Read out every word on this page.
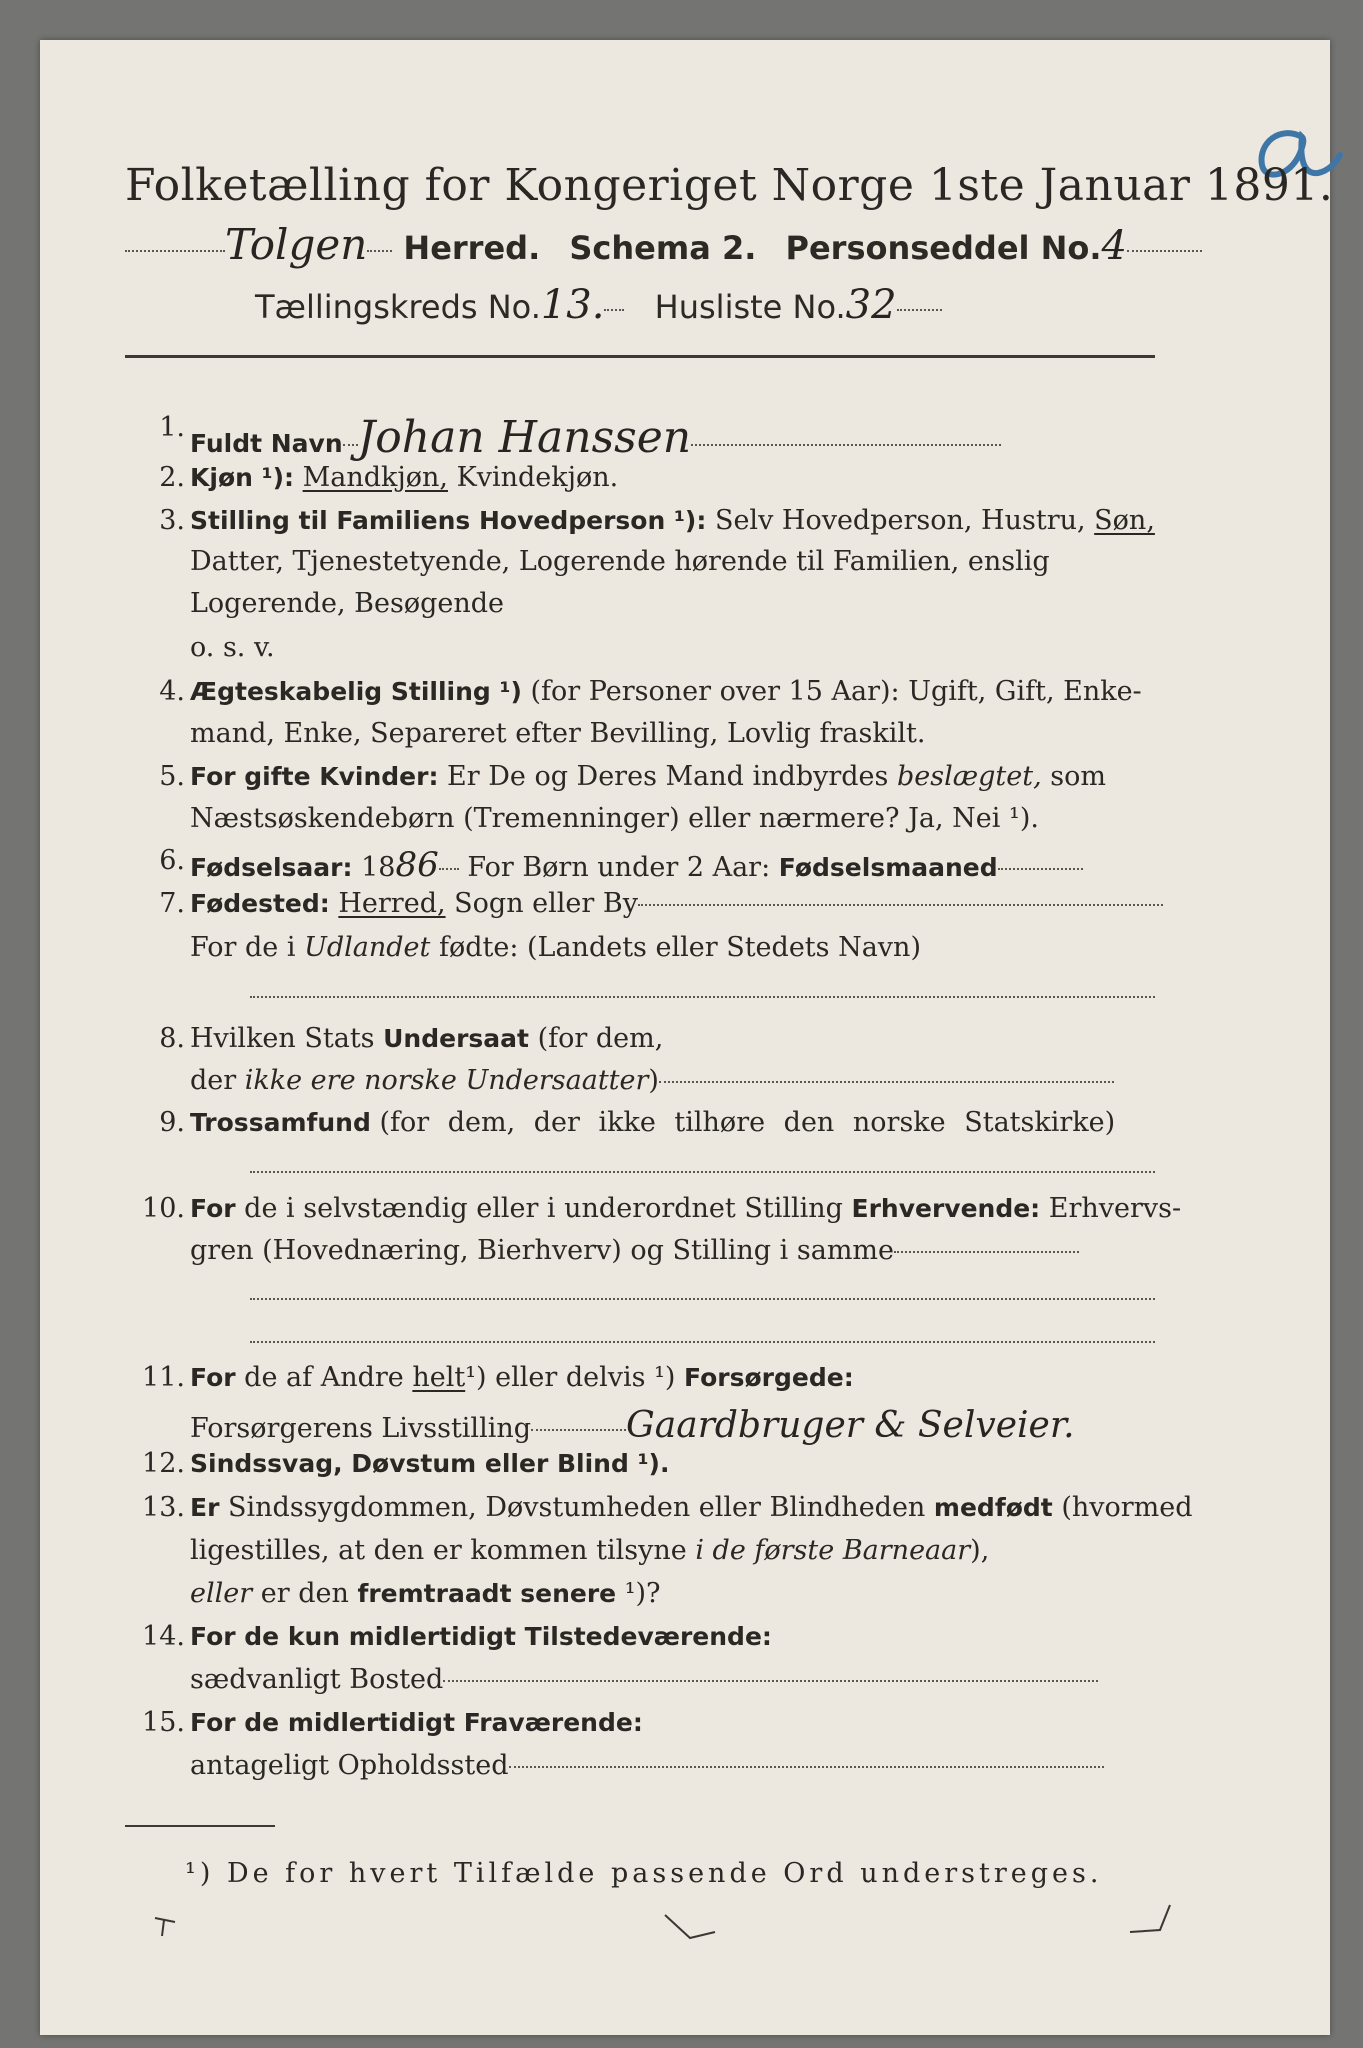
Folketælling for Kongeriget Norge 1ste Januar 1891.
Tolgen Herred. Schema 2. Personseddel No.4
Tællingskreds No.13. Husliste No.32
1.
Fuldt Navn Johan Hanssen
2. Kjøn ¹): Mandkjøn, Kvindekjøn.
3. Stilling til Familiens Hovedperson ¹): Selv Hovedperson, Hustru, Søn,
Datter, Tjenestetyende, Logerende hørende til Familien, enslig
Logerende, Besøgende
o. s. v.
4. Ægteskabelig Stilling ¹) (for Personer over 15 Aar): Ugift, Gift, Enke-
mand, Enke, Separeret efter Bevilling, Lovlig fraskilt.
5. For gifte Kvinder: Er De og Deres Mand indbyrdes beslægtet, som
Næstsøskendebørn (Tremenninger) eller nærmere? Ja, Nei ¹).
6. Fødselsaar: 1886 For Børn under 2 Aar: Fødselsmaaned
7. Fødested: Herred, Sogn eller By
For de i Udlandet fødte: (Landets eller Stedets Navn)
8. Hvilken Stats Undersaat (for dem,
der ikke ere norske Undersaatter)
9. Trossamfund (for dem, der ikke tilhøre den norske Statskirke)
10. For de i selvstændig eller i underordnet Stilling Erhvervende: Erhvervs-
gren (Hovednæring, Bierhverv) og Stilling i samme
11. For de af Andre helt¹) eller delvis ¹) Forsørgede:
Forsørgerens Livsstilling	Gaardbruger & Selveier.
12. Sindssvag, Døvstum eller Blind ¹).
13. Er Sindssygdommen, Døvstumheden eller Blindheden medfødt (hvormed
ligestilles, at den er kommen tilsyne i de første Barneaar),
eller er den fremtraadt senere ¹)?
14. For de kun midlertidigt Tilstedeværende:
sædvanligt Bosted
15. For de midlertidigt Fraværende:
antageligt Opholdssted
¹) De for hvert Tilfælde passende Ord understreges.
